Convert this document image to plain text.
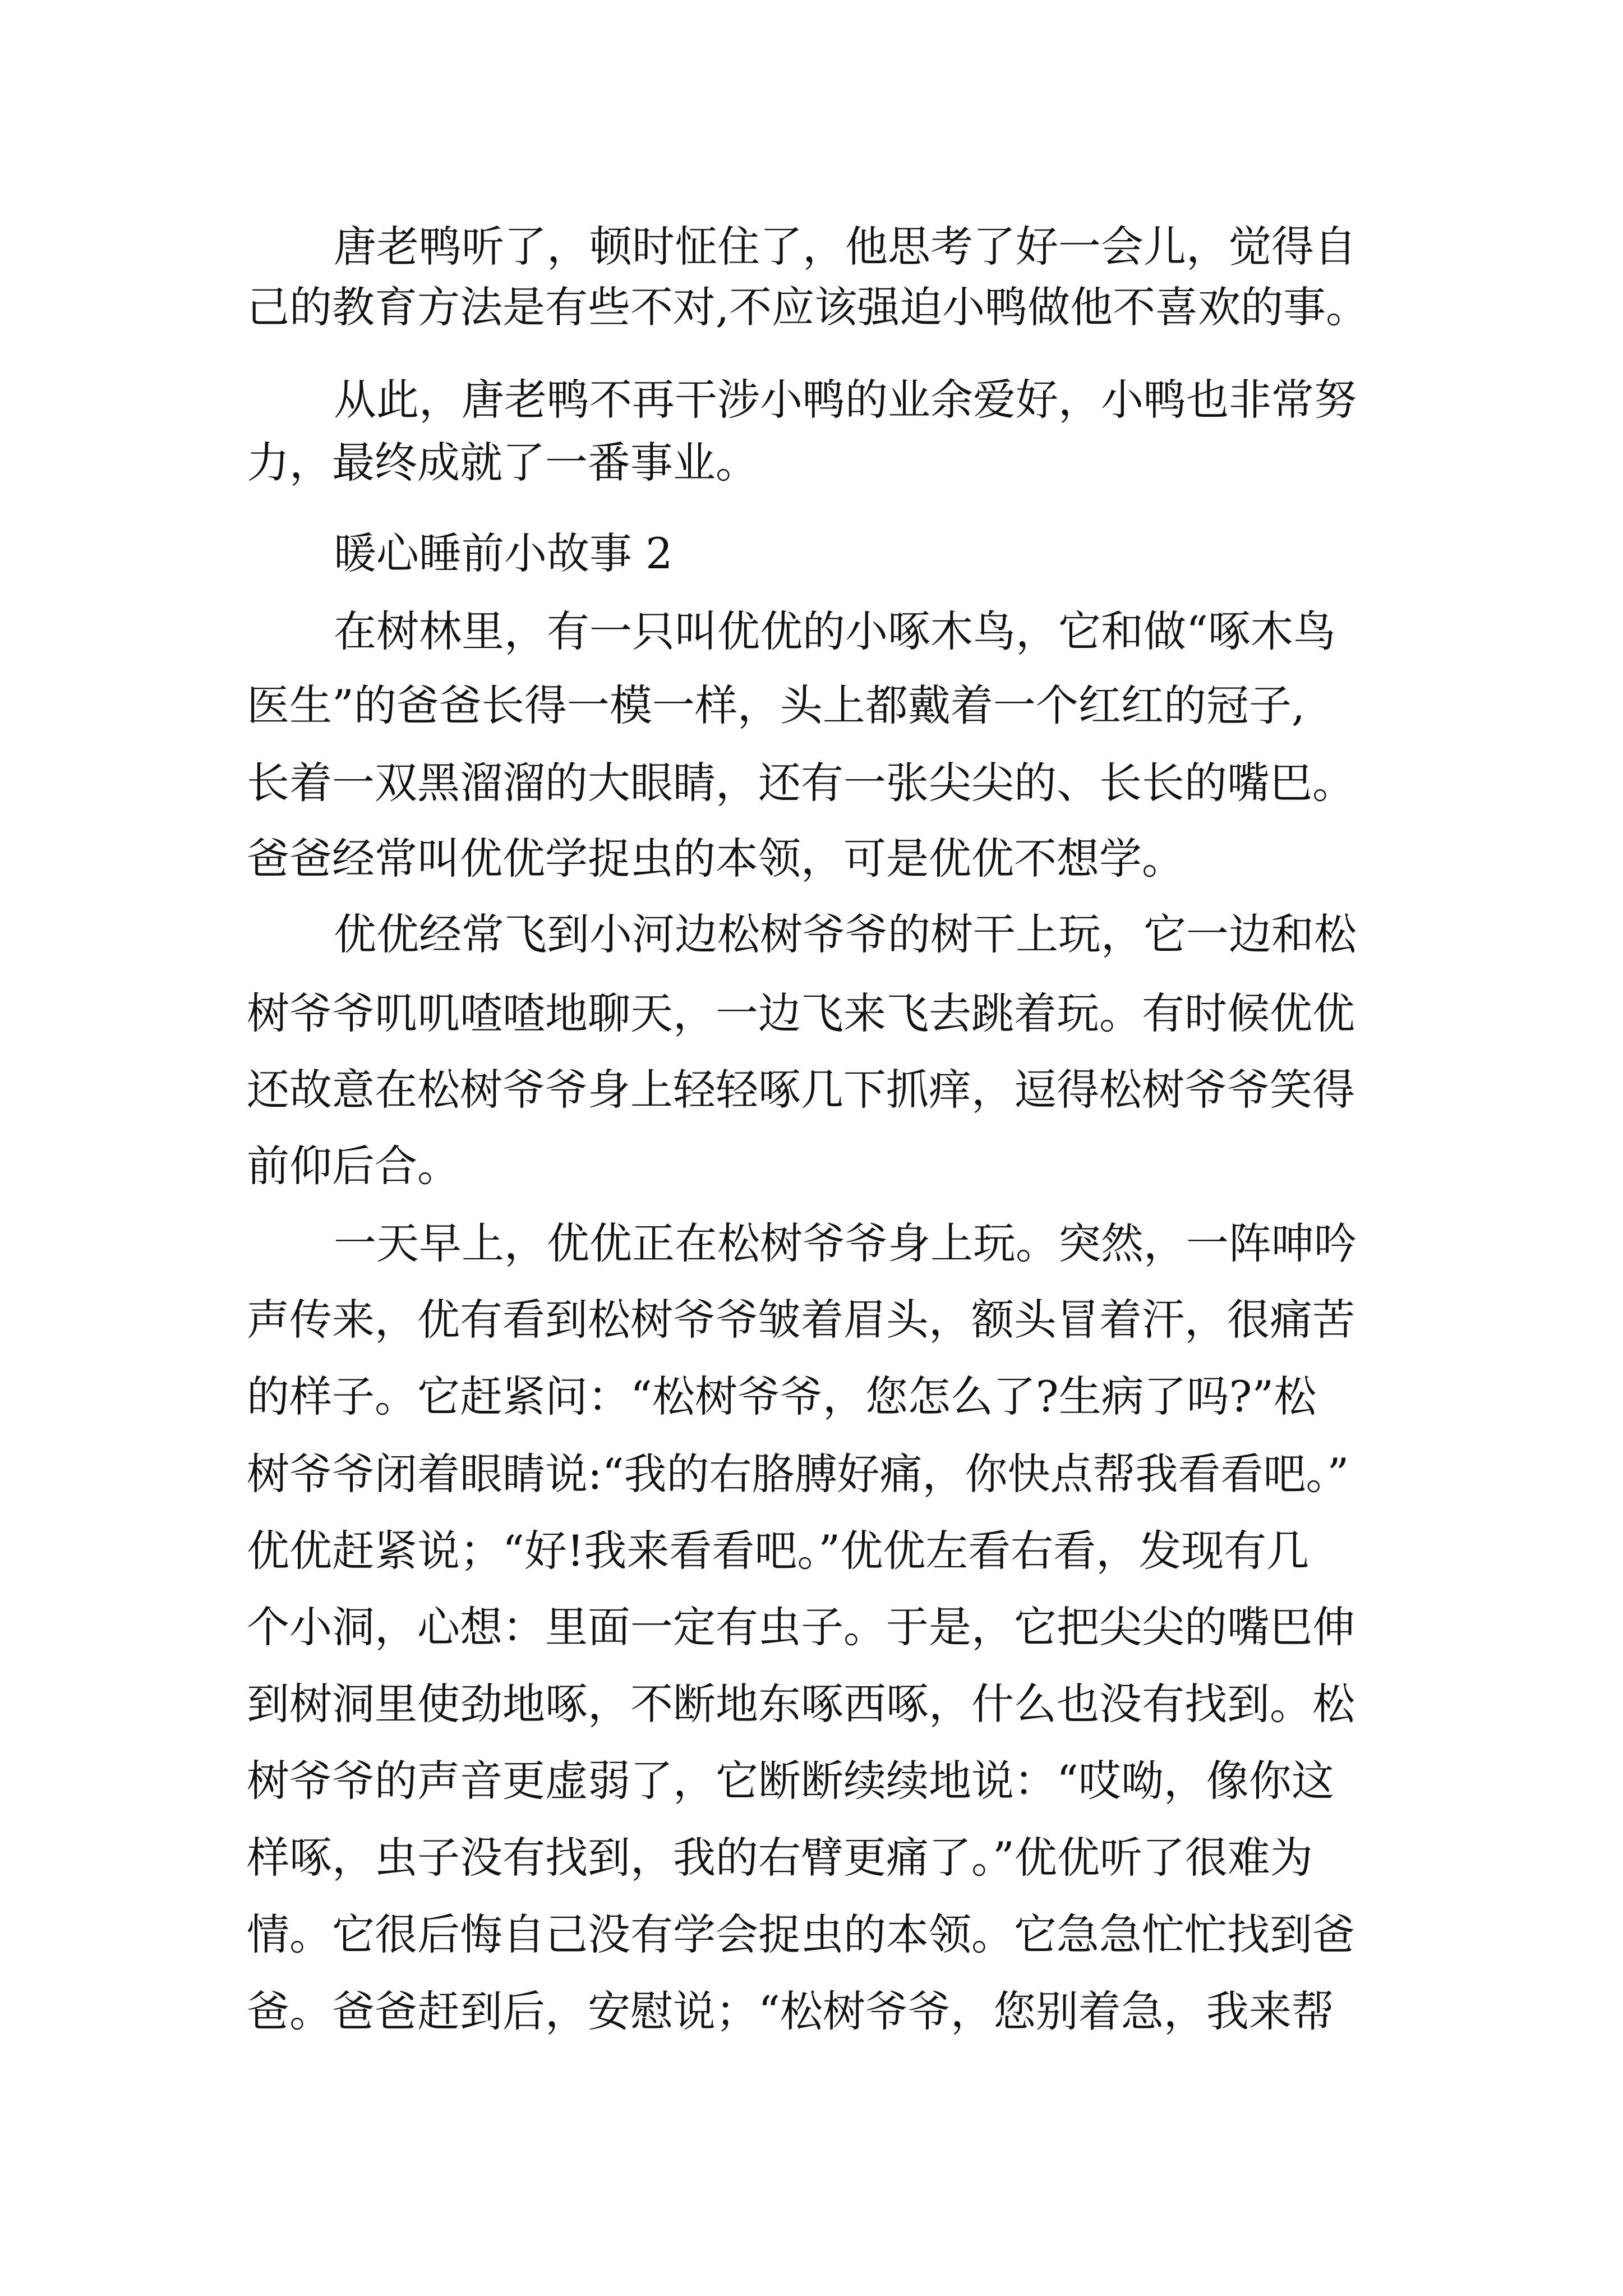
唐老鸭听了，顿时怔住了，他思考了好一会儿，觉得自
己的教育方法是有些不对,不应该强迫小鸭做他不喜欢的事。
从此，唐老鸭不再干涉小鸭的业余爱好，小鸭也非常努
力，最终成就了一番事业。
暖心睡前小故事 2
在树林里，有一只叫优优的小啄木鸟，它和做“啄木鸟
医生”的爸爸长得一模一样，头上都戴着一个红红的冠子,
长着一双黑溜溜的大眼睛，还有一张尖尖的、长长的嘴巴。
爸爸经常叫优优学捉虫的本领，可是优优不想学。
优优经常飞到小河边松树爷爷的树干上玩，它一边和松
树爷爷叽叽喳喳地聊天，一边飞来飞去跳着玩。有时候优优
还故意在松树爷爷身上轻轻啄几下抓痒，逗得松树爷爷笑得
前仰后合。
一天早上，优优正在松树爷爷身上玩。突然，一阵呻吟
声传来，优有看到松树爷爷皱着眉头，额头冒着汗，很痛苦
的样子。它赶紧问：“松树爷爷，您怎么了?生病了吗?”松
树爷爷闭着眼睛说:“我的右胳膊好痛，你快点帮我看看吧。”
优优赶紧说；“好!我来看看吧。”优优左看右看，发现有几
个小洞，心想：里面一定有虫子。于是，它把尖尖的嘴巴伸
到树洞里使劲地啄，不断地东啄西啄，什么也没有找到。松
树爷爷的声音更虚弱了，它断断续续地说：“哎呦，像你这
样啄，虫子没有找到，我的右臂更痛了。”优优听了很难为
情。它很后悔自己没有学会捉虫的本领。它急急忙忙找到爸
爸。爸爸赶到后，安慰说；“松树爷爷，您别着急，我来帮
